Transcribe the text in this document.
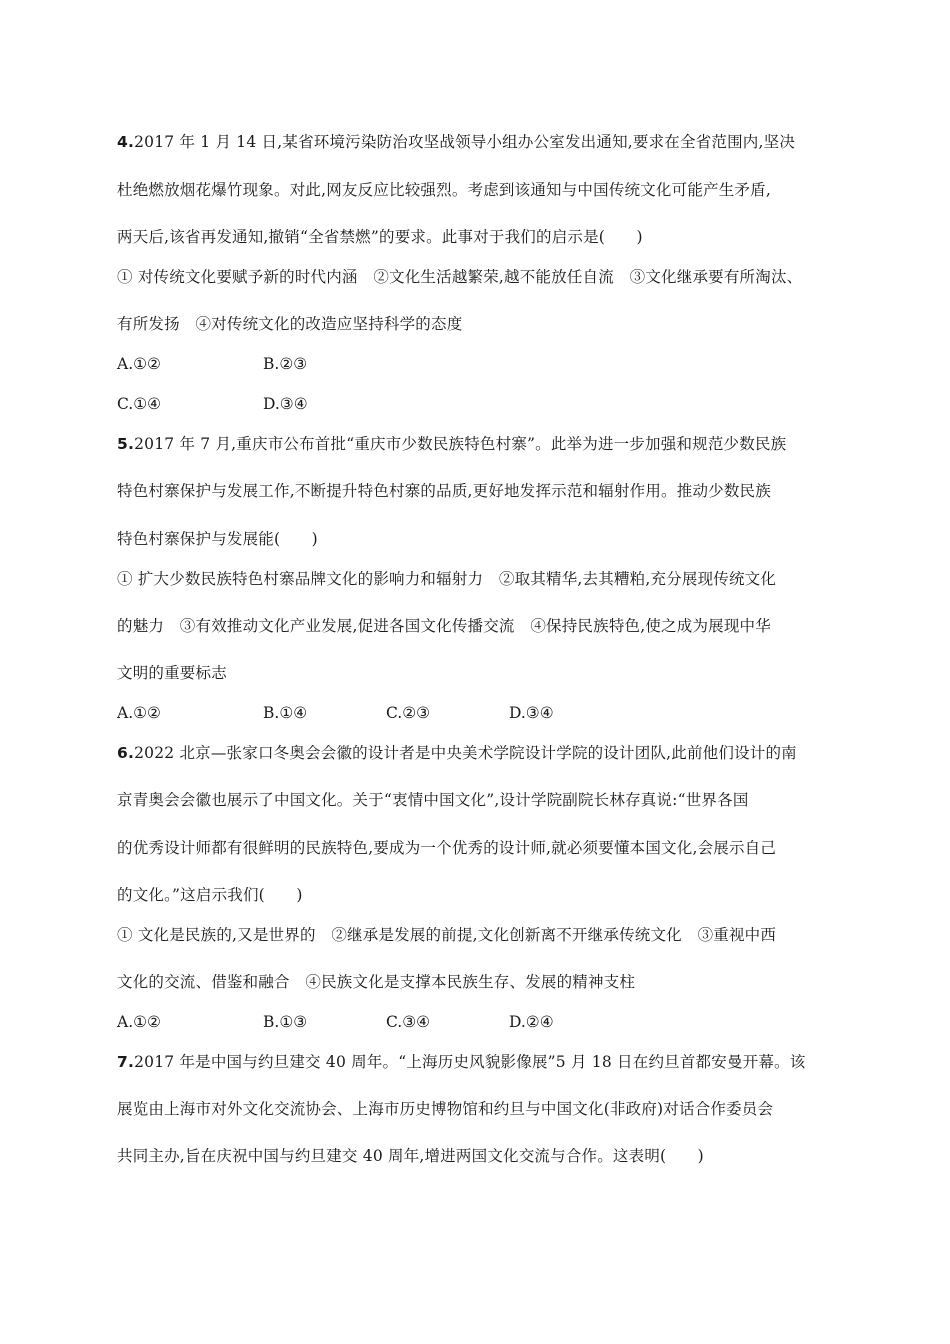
4.2017 年 1 月 14 日,某省环境污染防治攻坚战领导小组办公室发出通知,要求在全省范围内,坚决
杜绝燃放烟花爆竹现象。对此,网友反应比较强烈。考虑到该通知与中国传统文化可能产生矛盾,
两天后,该省再发通知,撤销“全省禁燃”的要求。此事对于我们的启示是(　　)
① 对传统文化要赋予新的时代内涵　②文化生活越繁荣,越不能放任自流　③文化继承要有所淘汰、
有所发扬　④对传统文化的改造应坚持科学的态度
A.①②	B.②③
C.①④	D.③④
5.2017 年 7 月,重庆市公布首批“重庆市少数民族特色村寨”。此举为进一步加强和规范少数民族
特色村寨保护与发展工作,不断提升特色村寨的品质,更好地发挥示范和辐射作用。推动少数民族
特色村寨保护与发展能(　　)
① 扩大少数民族特色村寨品牌文化的影响力和辐射力　②取其精华,去其糟粕,充分展现传统文化
的魅力　③有效推动文化产业发展,促进各国文化传播交流　④保持民族特色,使之成为展现中华
文明的重要标志
A.①②	B.①④	C.②③	D.③④
6.2022 北京—张家口冬奥会会徽的设计者是中央美术学院设计学院的设计团队,此前他们设计的南
京青奥会会徽也展示了中国文化。关于“衷情中国文化”,设计学院副院长林存真说:“世界各国
的优秀设计师都有很鲜明的民族特色,要成为一个优秀的设计师,就必须要懂本国文化,会展示自己
的文化。”这启示我们(　　)
① 文化是民族的,又是世界的　②继承是发展的前提,文化创新离不开继承传统文化　③重视中西
文化的交流、借鉴和融合　④民族文化是支撑本民族生存、发展的精神支柱
A.①②	B.①③	C.③④	D.②④
7.2017 年是中国与约旦建交 40 周年。“上海历史风貌影像展”5 月 18 日在约旦首都安曼开幕。该
展览由上海市对外文化交流协会、上海市历史博物馆和约旦与中国文化(非政府)对话合作委员会
共同主办,旨在庆祝中国与约旦建交 40 周年,增进两国文化交流与合作。这表明(　　)
